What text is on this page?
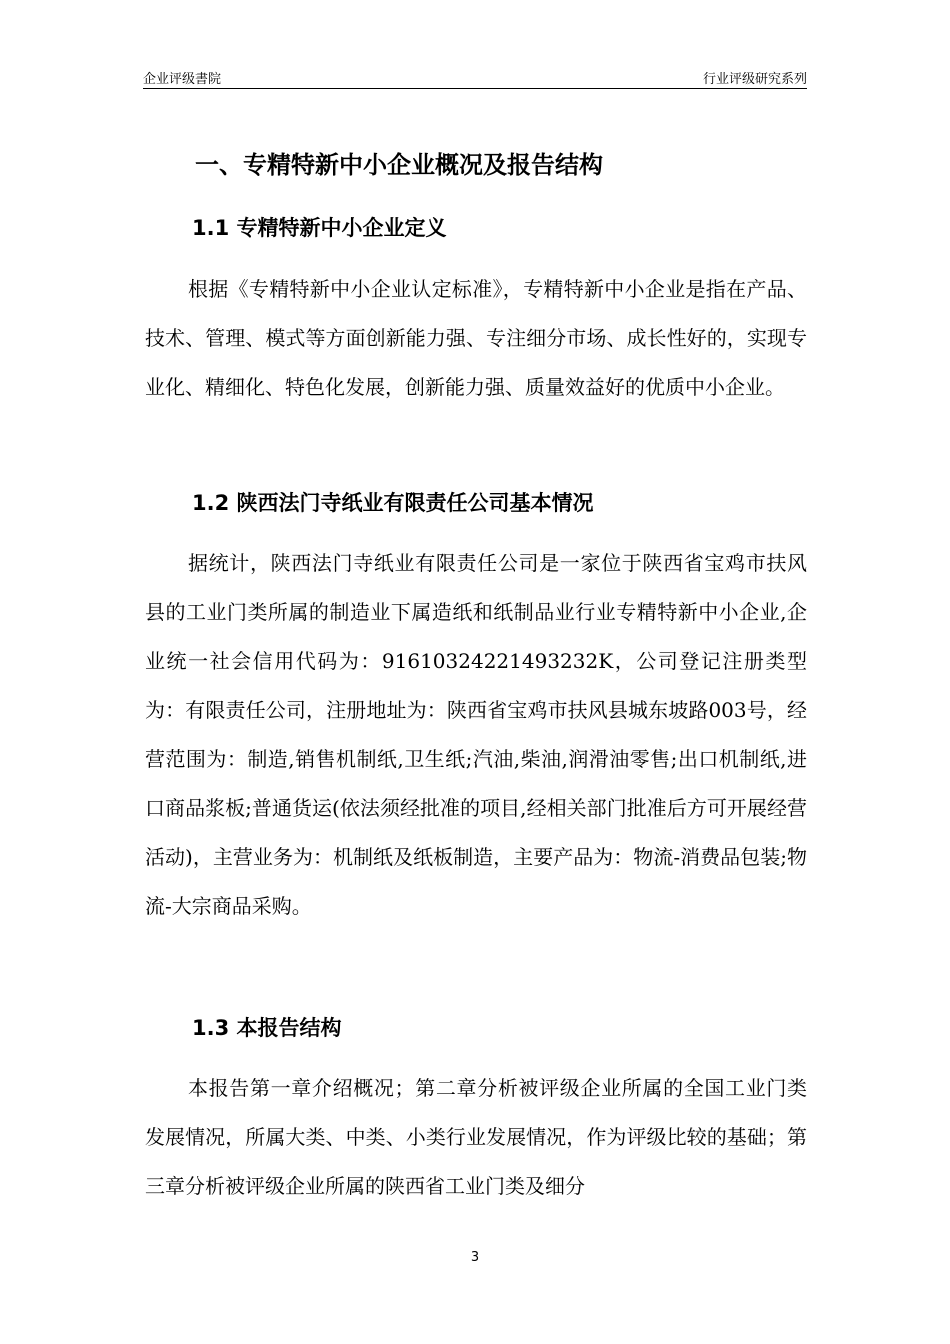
企业评级書院	行业评级研究系列
一、专精特新中小企业概况及报告结构
1.1 专精特新中小企业定义

根据《专精特新中小企业认定标准》，专精特新中小企业是指在产品、技术、管理、模式等方面创新能力强、专注细分市场、成长性好的，实现专业化、精细化、特色化发展，创新能力强、质量效益好的优质中小企业。

1.2 陕西法门寺纸业有限责任公司基本情况

据统计，陕西法门寺纸业有限责任公司是一家位于陕西省宝鸡市扶风县的工业门类所属的制造业下属造纸和纸制品业行业专精特新中小企业,企业统一社会信用代码为：91610324221493232K，公司登记注册类型为：有限责任公司，注册地址为：陕西省宝鸡市扶风县城东坡路003号，经营范围为：制造,销售机制纸,卫生纸;汽油,柴油,润滑油零售;出口机制纸,进口商品浆板;普通货运(依法须经批准的项目,经相关部门批准后方可开展经营活动)，主营业务为：机制纸及纸板制造，主要产品为：物流-消费品包装;物流-大宗商品采购。

1.3 本报告结构

本报告第一章介绍概况；第二章分析被评级企业所属的全国工业门类发展情况，所属大类、中类、小类行业发展情况，作为评级比较的基础；第三章分析被评级企业所属的陕西省工业门类及细分

3
